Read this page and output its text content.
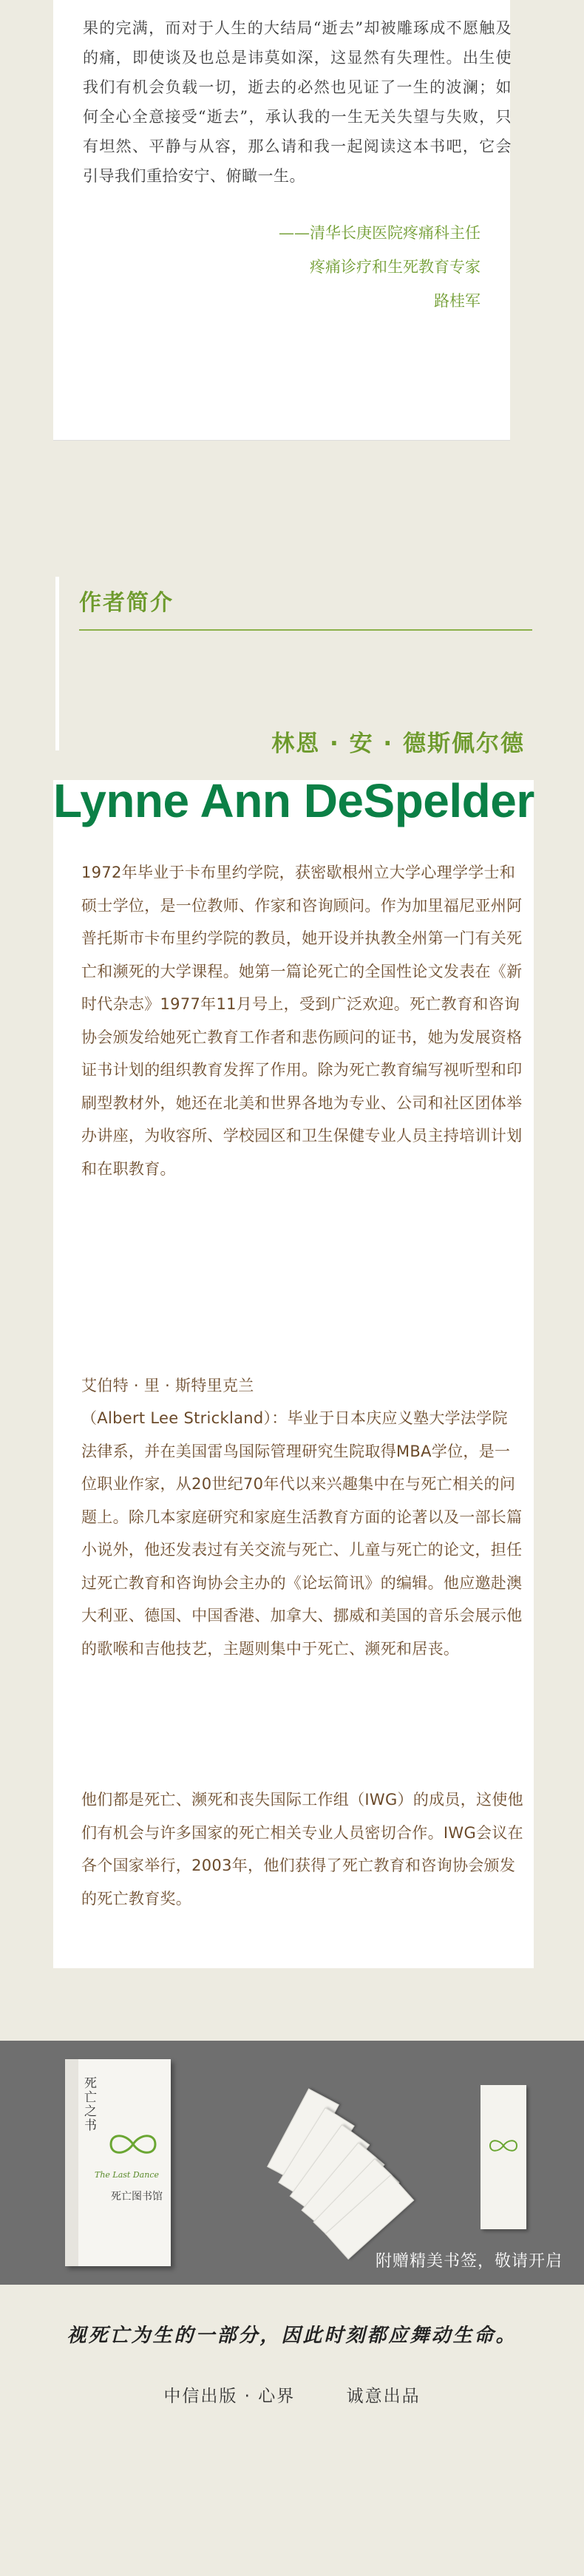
果的完满，而对于人生的大结局“逝去”却被雕琢成不愿触及的痛，即使谈及也总是讳莫如深，这显然有失理性。出生使我们有机会负载一切，逝去的必然也见证了一生的波澜；如何全心全意接受“逝去”，承认我的一生无关失望与失败，只有坦然、平静与从容，那么请和我一起阅读这本书吧，它会引导我们重拾安宁、俯瞰一生。
——清华长庚医院疼痛科主任
疼痛诊疗和生死教育专家
路桂军
作者简介
林恩 · 安 · 德斯佩尔德
Lynne Ann DeSpelder
1972年毕业于卡布里约学院，获密歇根州立大学心理学学士和硕士学位，是一位教师、作家和咨询顾问。作为加里福尼亚州阿普托斯市卡布里约学院的教员，她开设并执教全州第一门有关死亡和濒死的大学课程。她第一篇论死亡的全国性论文发表在《新时代杂志》1977年11月号上，受到广泛欢迎。死亡教育和咨询协会颁发给她死亡教育工作者和悲伤顾问的证书，她为发展资格证书计划的组织教育发挥了作用。除为死亡教育编写视听型和印刷型教材外，她还在北美和世界各地为专业、公司和社区团体举办讲座，为收容所、学校园区和卫生保健专业人员主持培训计划和在职教育。
艾伯特 · 里 · 斯特里克兰
（Albert Lee Strickland）：毕业于日本庆应义塾大学法学院法律系，并在美国雷鸟国际管理研究生院取得MBA学位，是一位职业作家，从20世纪70年代以来兴趣集中在与死亡相关的问题上。除几本家庭研究和家庭生活教育方面的论著以及一部长篇小说外，他还发表过有关交流与死亡、儿童与死亡的论文，担任过死亡教育和咨询协会主办的《论坛简讯》的编辑。他应邀赴澳大利亚、德国、中国香港、加拿大、挪威和美国的音乐会展示他的歌喉和吉他技艺，主题则集中于死亡、濒死和居丧。
他们都是死亡、濒死和丧失国际工作组（IWG）的成员，这使他们有机会与许多国家的死亡相关专业人员密切合作。IWG会议在各个国家举行，2003年，他们获得了死亡教育和咨询协会颁发的死亡教育奖。
死亡之书
The Last Dance
死亡图书馆
附赠精美书签，敬请开启
视死亡为生的一部分，因此时刻都应舞动生命。
中信出版 · 心界	诚意出品
